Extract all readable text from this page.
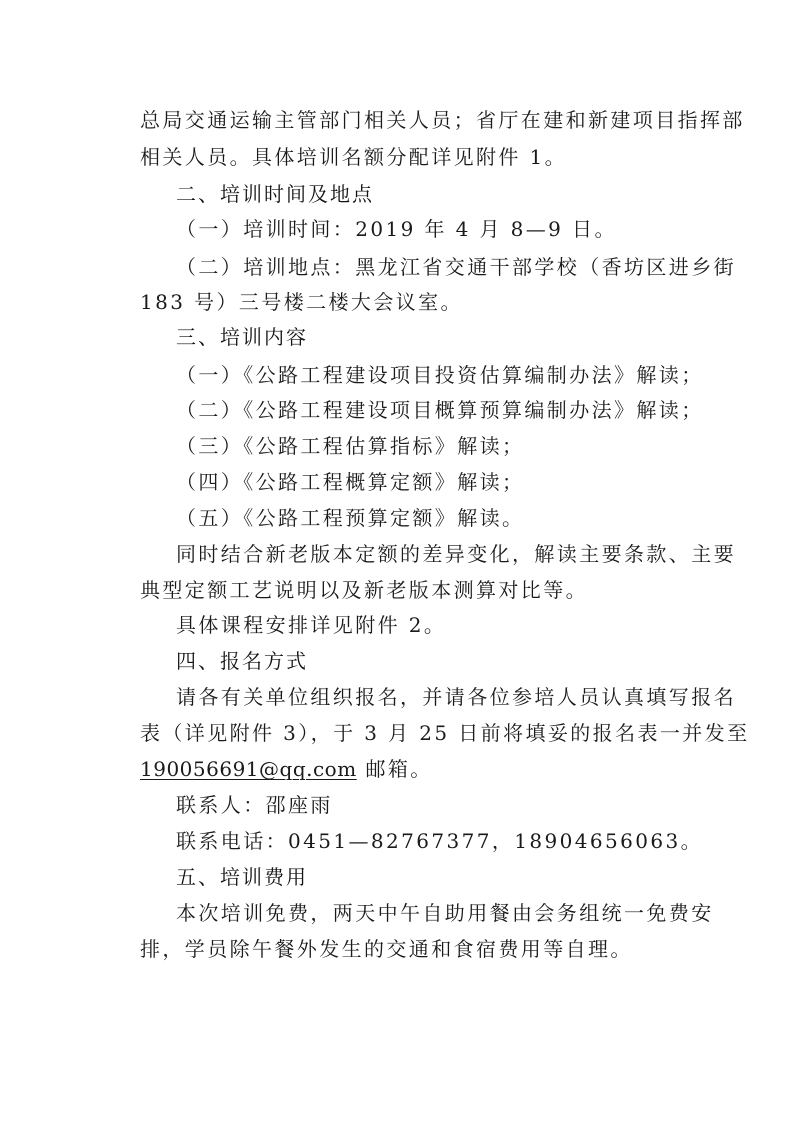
总局交通运输主管部门相关人员；省厅在建和新建项目指挥部
相关人员。具体培训名额分配详见附件 1。
二、培训时间及地点
（一）培训时间：2019 年 4 月 8—9 日。
（二）培训地点：黑龙江省交通干部学校（香坊区进乡街
183 号）三号楼二楼大会议室。
三、培训内容
（一）《公路工程建设项目投资估算编制办法》解读；
（二）《公路工程建设项目概算预算编制办法》解读；
（三）《公路工程估算指标》解读；
（四）《公路工程概算定额》解读；
（五）《公路工程预算定额》解读。
同时结合新老版本定额的差异变化，解读主要条款、主要
典型定额工艺说明以及新老版本测算对比等。
具体课程安排详见附件 2。
四、报名方式
请各有关单位组织报名，并请各位参培人员认真填写报名
表（详见附件 3），于 3 月 25 日前将填妥的报名表一并发至
190056691@qq.com 邮箱。
联系人：邵座雨
联系电话：0451—82767377，18904656063。
五、培训费用
本次培训免费，两天中午自助用餐由会务组统一免费安
排，学员除午餐外发生的交通和食宿费用等自理。
